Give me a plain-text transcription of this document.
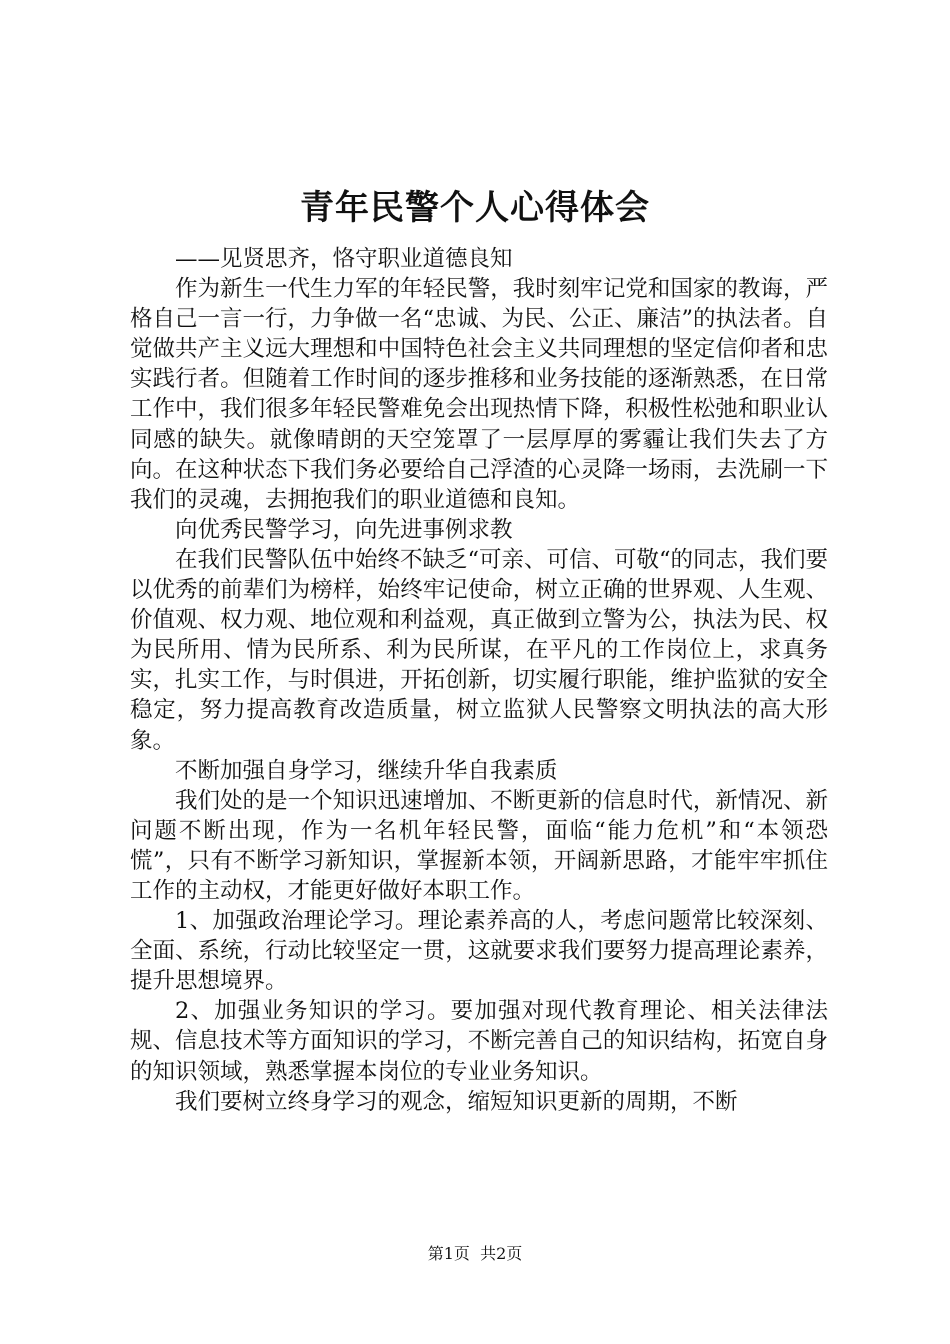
青年民警个人心得体会

——见贤思齐，恪守职业道德良知

作为新生一代生力军的年轻民警，我时刻牢记党和国家的教诲，严格自己一言一行，力争做一名“忠诚、为民、公正、廉洁”的执法者。自觉做共产主义远大理想和中国特色社会主义共同理想的坚定信仰者和忠实践行者。但随着工作时间的逐步推移和业务技能的逐渐熟悉，在日常工作中，我们很多年轻民警难免会出现热情下降，积极性松弛和职业认同感的缺失。就像晴朗的天空笼罩了一层厚厚的雾霾让我们失去了方向。在这种状态下我们务必要给自己浮渣的心灵降一场雨，去洗刷一下我们的灵魂，去拥抱我们的职业道德和良知。

向优秀民警学习，向先进事例求教

在我们民警队伍中始终不缺乏“可亲、可信、可敬“的同志，我们要以优秀的前辈们为榜样，始终牢记使命，树立正确的世界观、人生观、价值观、权力观、地位观和利益观，真正做到立警为公，执法为民、权为民所用、情为民所系、利为民所谋，在平凡的工作岗位上，求真务实，扎实工作，与时俱进，开拓创新，切实履行职能，维护监狱的安全稳定，努力提高教育改造质量，树立监狱人民警察文明执法的高大形象。

不断加强自身学习，继续升华自我素质

我们处的是一个知识迅速增加、不断更新的信息时代，新情况、新问题不断出现，作为一名机年轻民警，面临“能力危机”和“本领恐慌”，只有不断学习新知识，掌握新本领，开阔新思路，才能牢牢抓住工作的主动权，才能更好做好本职工作。

1、加强政治理论学习。理论素养高的人，考虑问题常比较深刻、全面、系统，行动比较坚定一贯，这就要求我们要努力提高理论素养，提升思想境界。

2、加强业务知识的学习。要加强对现代教育理论、相关法律法规、信息技术等方面知识的学习，不断完善自己的知识结构，拓宽自身的知识领域，熟悉掌握本岗位的专业业务知识。

我们要树立终身学习的观念，缩短知识更新的周期，不断

第1页 共2页
